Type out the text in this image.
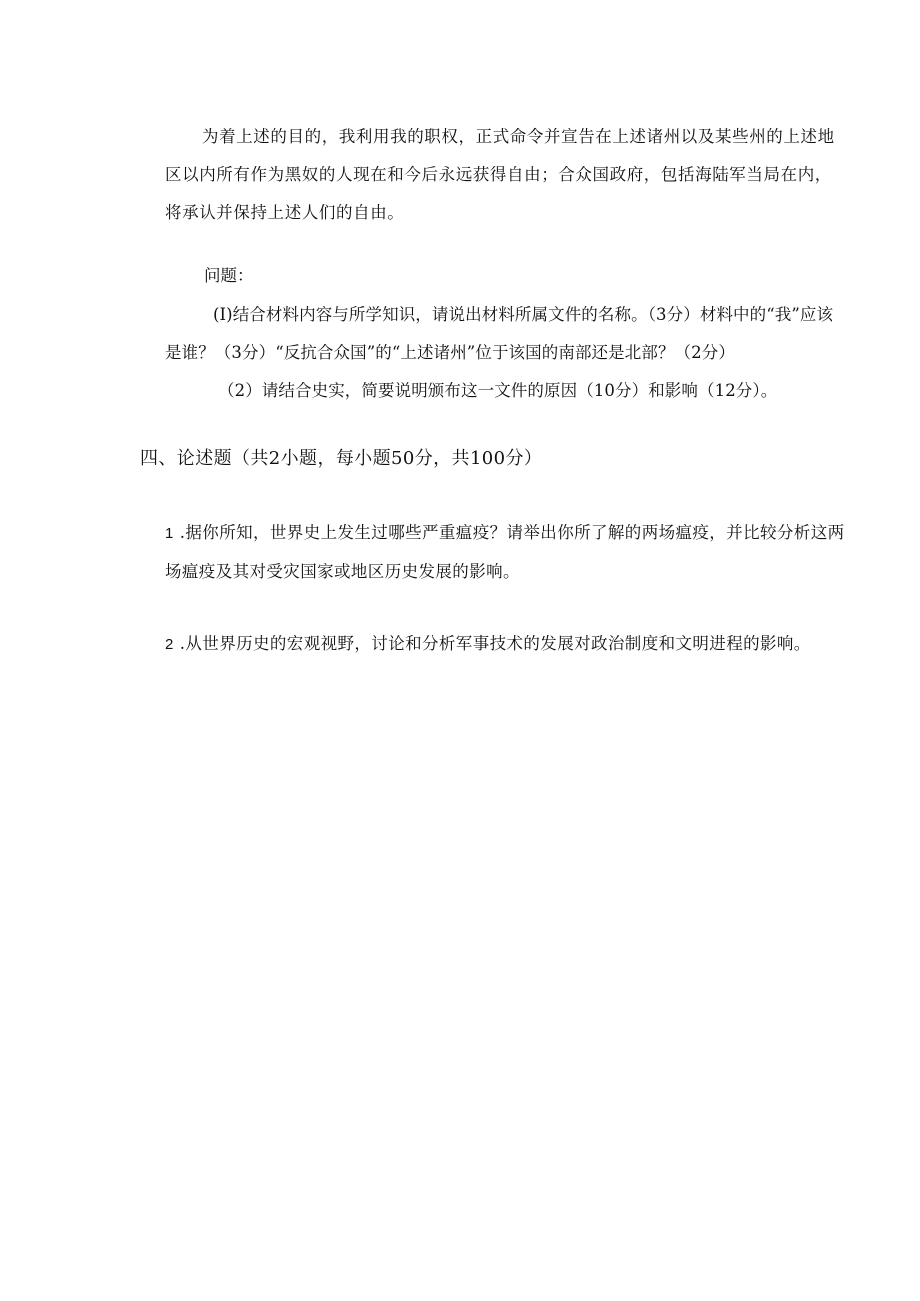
为着上述的目的，我利用我的职权，正式命令并宣告在上述诸州以及某些州的上述地区以内所有作为黑奴的人现在和今后永远获得自由；合众国政府，包括海陆军当局在内，将承认并保持上述人们的自由。

问题：

(I)结合材料内容与所学知识，请说出材料所属文件的名称。（3分）材料中的“我”应该是谁？（3分）“反抗合众国”的“上述诸州”位于该国的南部还是北部？（2分）

（2）请结合史实，简要说明颁布这一文件的原因（10分）和影响（12分）。

四、论述题（共2小题，每小题50分，共100分）

1 .据你所知，世界史上发生过哪些严重瘟疫？请举出你所了解的两场瘟疫，并比较分析这两场瘟疫及其对受灾国家或地区历史发展的影响。

2 .从世界历史的宏观视野，讨论和分析军事技术的发展对政治制度和文明进程的影响。
